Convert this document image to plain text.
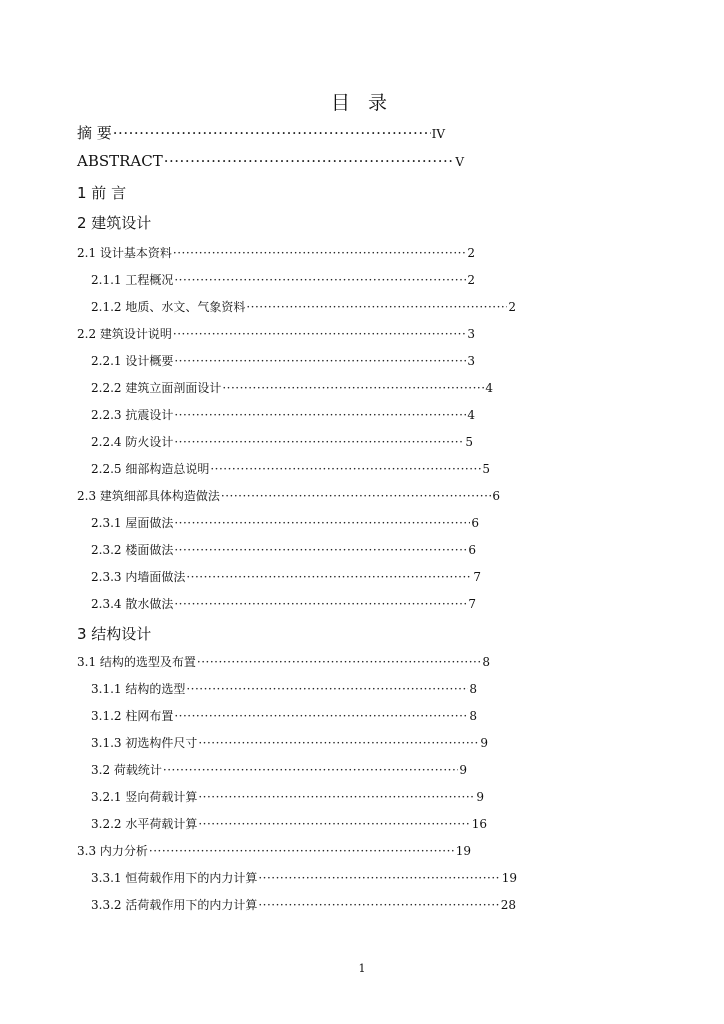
目 录
摘 要 ·····	IV
ABSTRACT ·····	V
1 前 言
2 建筑设计
2.1 设计基本资料 ·····	2
2.1.1 工程概况 ·····	2
2.1.2 地质、水文、气象资料 ·····	2
2.2 建筑设计说明 ·····	3
2.2.1 设计概要 ·····	3
2.2.2 建筑立面剖面设计 ·····	4
2.2.3 抗震设计 ·····	4
2.2.4 防火设计 ·····	5
2.2.5 细部构造总说明 ·····	5
2.3 建筑细部具体构造做法 ·····	6
2.3.1 屋面做法 ·····	6
2.3.2 楼面做法 ·····	6
2.3.3 内墙面做法 ·····	7
2.3.4 散水做法 ·····	7
3 结构设计
3.1 结构的选型及布置 ·····	8
3.1.1 结构的选型 ·····	8
3.1.2 柱网布置 ·····	8
3.1.3 初选构件尺寸 ·····	9
3.2 荷载统计 ·····	9
3.2.1 竖向荷载计算 ·····	9
3.2.2 水平荷载计算 ·····	16
3.3 内力分析 ·····	19
3.3.1 恒荷载作用下的内力计算 ·····	19
3.3.2 活荷载作用下的内力计算 ·····	28
1
